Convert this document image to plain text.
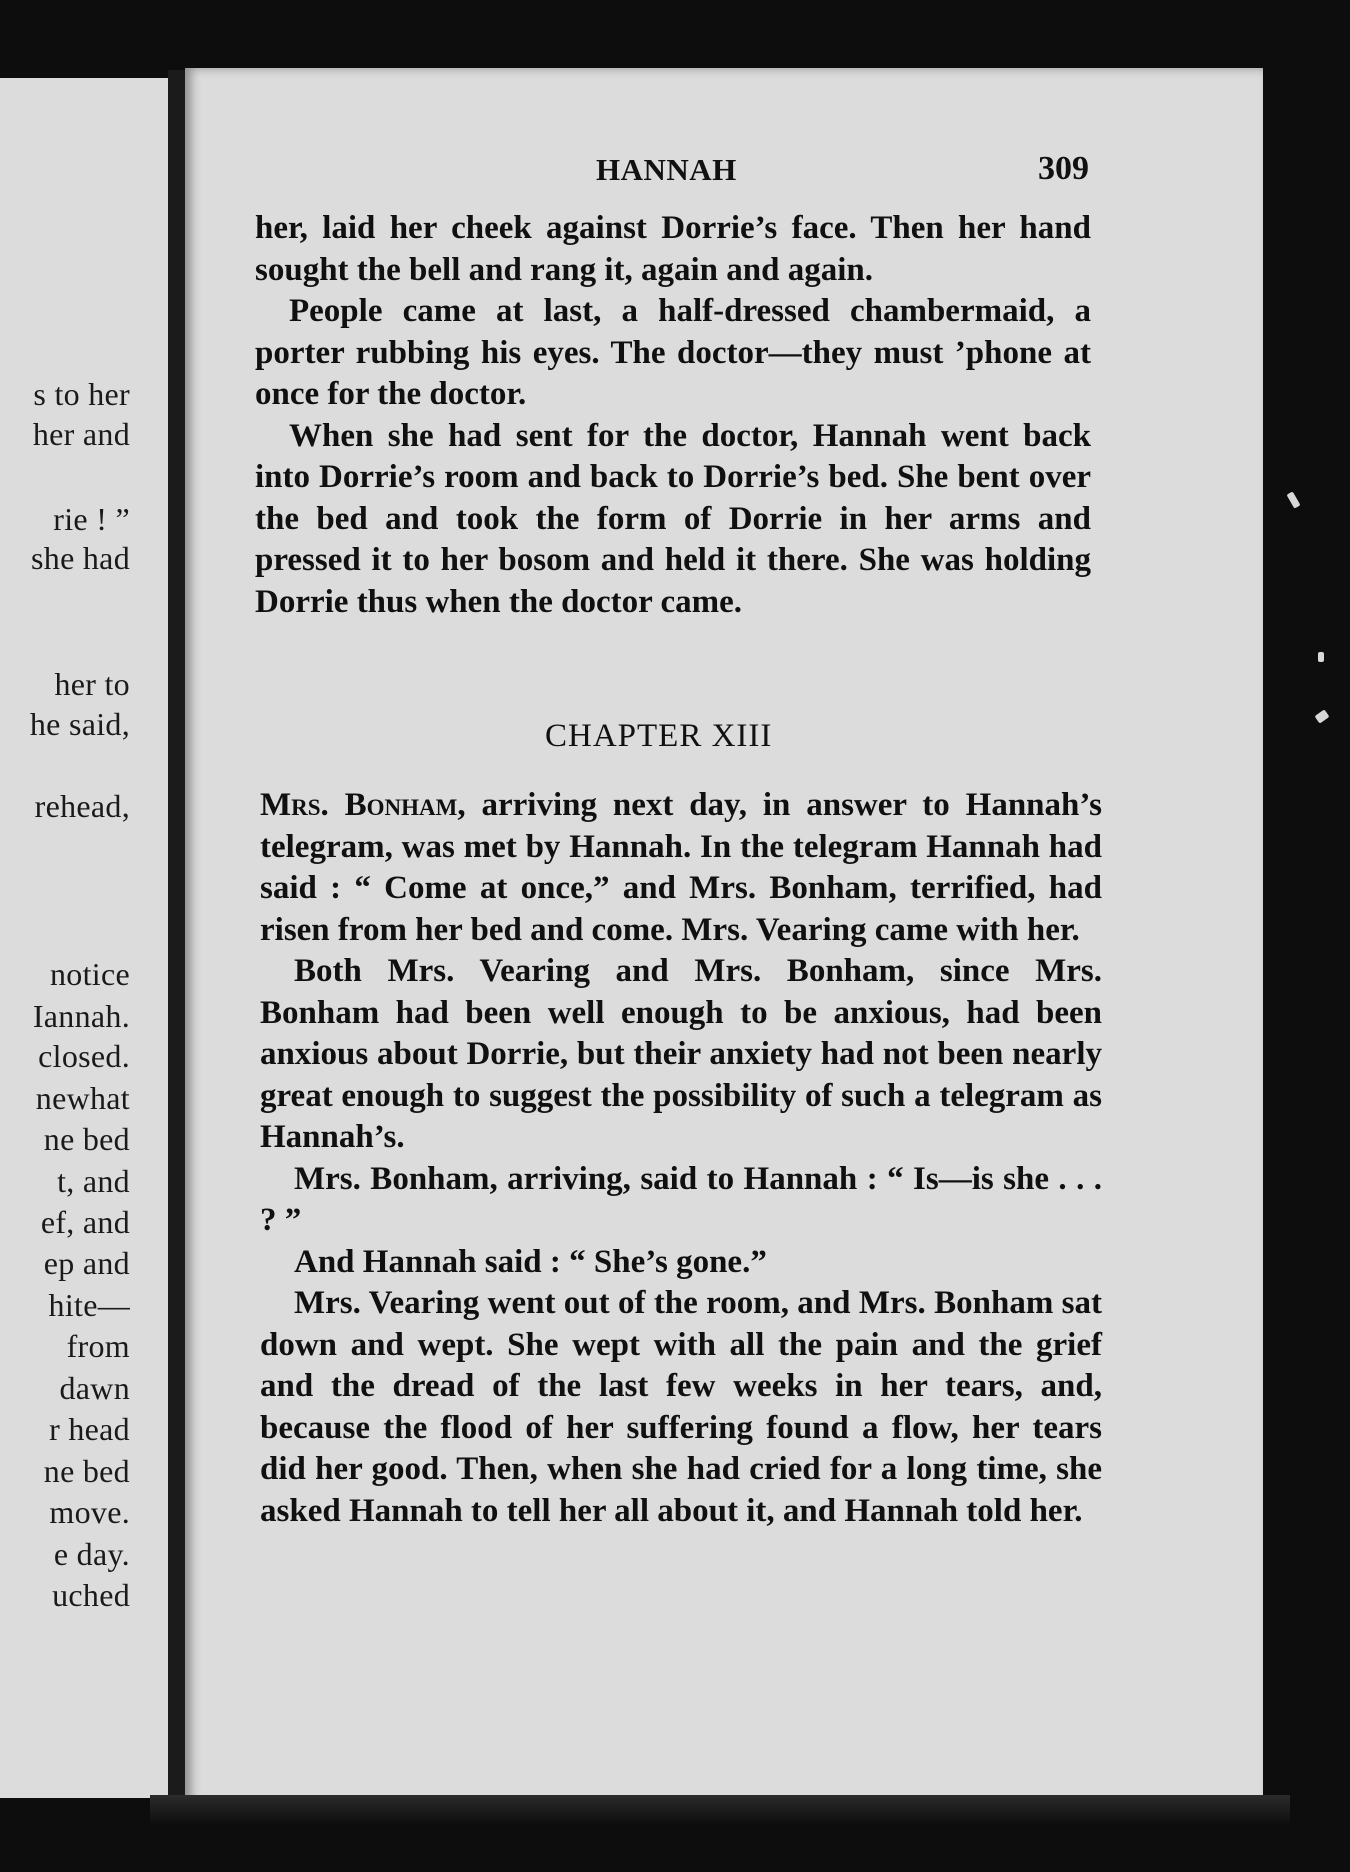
s to her
her and
rie ! ”
she had
her to
he said,
rehead,
notice
Iannah.
closed.
newhat
ne bed
t, and
ef, and
ep and
hite—
from
dawn
r head
ne bed
move.
e day.
uched
HANNAH	309

her, laid her cheek against Dorrie’s face. Then her hand sought the bell and rang it, again and again.

People came at last, a half-dressed chambermaid, a porter rubbing his eyes. The doctor—they must ’phone at once for the doctor.

When she had sent for the doctor, Hannah went back into Dorrie’s room and back to Dorrie’s bed. She bent over the bed and took the form of Dorrie in her arms and pressed it to her bosom and held it there. She was holding Dorrie thus when the doctor came.

CHAPTER XIII

Mrs. Bonham, arriving next day, in answer to Hannah’s telegram, was met by Hannah. In the telegram Hannah had said : “ Come at once,” and Mrs. Bonham, terrified, had risen from her bed and come. Mrs. Vearing came with her.

Both Mrs. Vearing and Mrs. Bonham, since Mrs. Bonham had been well enough to be anxious, had been anxious about Dorrie, but their anxiety had not been nearly great enough to suggest the possibility of such a telegram as Hannah’s.

Mrs. Bonham, arriving, said to Hannah : “ Is—is she . . . ? ”

And Hannah said : “ She’s gone.”

Mrs. Vearing went out of the room, and Mrs. Bonham sat down and wept. She wept with all the pain and the grief and the dread of the last few weeks in her tears, and, because the flood of her suffering found a flow, her tears did her good. Then, when she had cried for a long time, she asked Hannah to tell her all about it, and Hannah told her.
